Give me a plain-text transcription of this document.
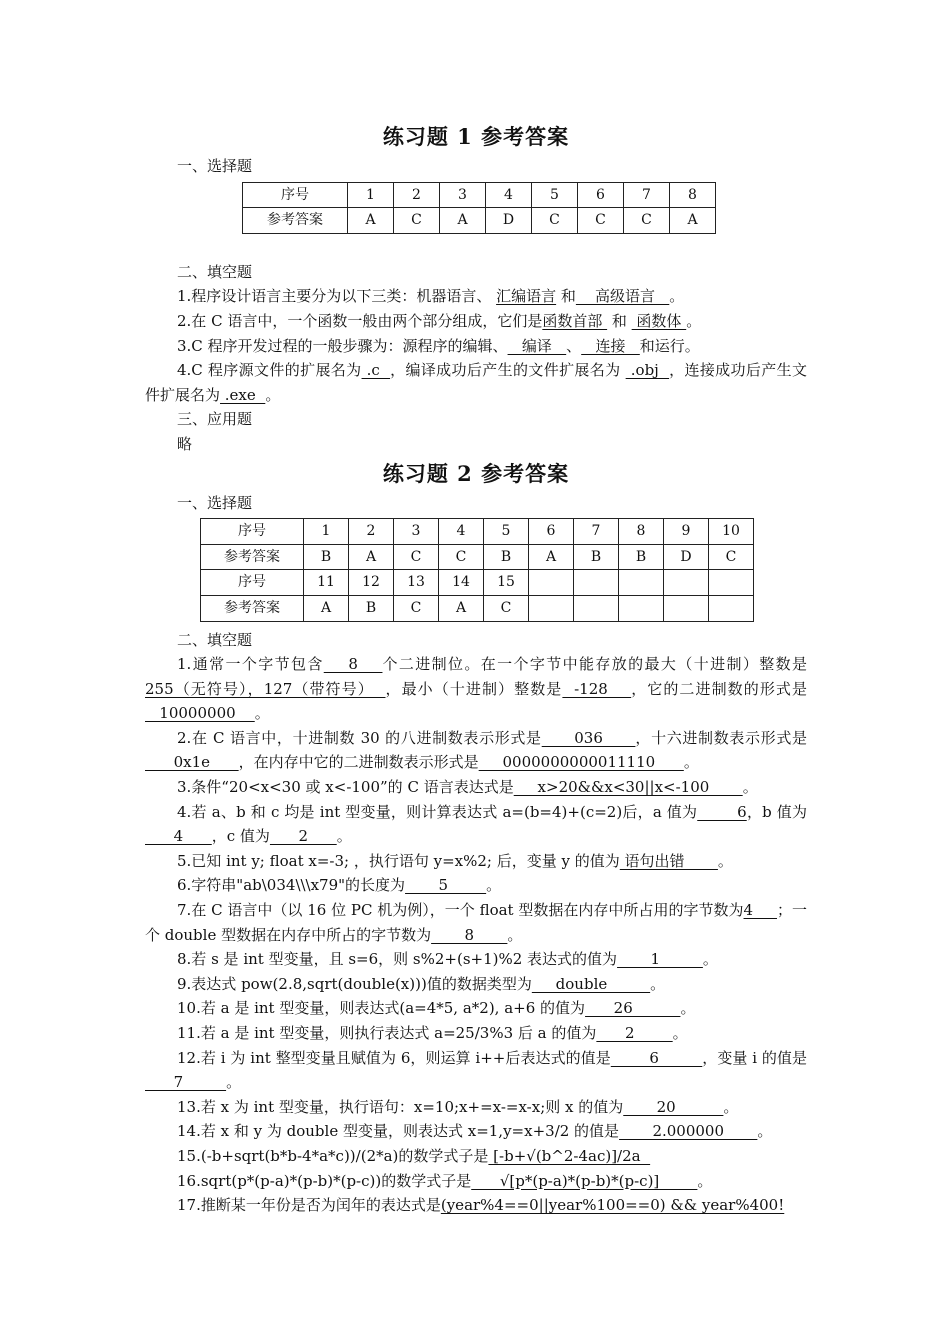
练习题 1 参考答案
一、选择题
序号	1	2	3	4	5	6	7	8
参考答案	A	C	A	D	C	C	C	A
二、填空题
1.程序设计语言主要分为以下三类：机器语言、 汇编语言 和    高级语言   。
2.在 C 语言中，一个函数一般由两个部分组成，它们是函数首部  和  函数体 。
3.C 程序开发过程的一般步骤为：源程序的编辑、   编译   、   连接   和运行。
4.C 程序源文件的扩展名为 .c  ，编译成功后产生的文件扩展名为  .obj  ，连接成功后产生文件扩展名为 .exe  。
三、应用题
略
练习题 2 参考答案
一、选择题
序号	1	2	3	4	5	6	7	8	9	10
参考答案	B	A	C	C	B	A	B	B	D	C
序号	11	12	13	14	15					
参考答案	A	B	C	A	C					
二、填空题
1.通常一个字节包含    8    个二进制位。在一个字节中能存放的最大（十进制）整数是255（无符号），127（带符号）  ，最小（十进制）整数是  -128    ，它的二进制数的形式是   10000000    。
2.在 C 语言中，十进制数 30 的八进制数表示形式是      036      ，十六进制数表示形式是      0x1e      ，在内存中它的二进制数表示形式是     0000000000011110      。
3.条件“20<x<30 或 x<-100”的 C 语言表达式是     x>20&&x<30||x<-100       。
4.若 a、b 和 c 均是 int 型变量，则计算表达式 a=(b=4)+(c=2)后，a 值为        6，b 值为      4      ，c 值为      2      。
5.已知 int y; float x=-3; ，执行语句 y=x%2; 后，变量 y 的值为 语句出错       。
6.字符串"ab\034\\\x79"的长度为       5        。
7.在 C 语言中（以 16 位 PC 机为例），一个 float 型数据在内存中所占用的字节数为4     ；一个 double 型数据在内存中所占的字节数为       8       。
8.若 s 是 int 型变量，且 s=6，则 s%2+(s+1)%2 表达式的值为       1         。
9.表达式 pow(2.8,sqrt(double(x)))值的数据类型为     double         。
10.若 a 是 int 型变量，则表达式(a=4*5, a*2), a+6 的值为      26          。
11.若 a 是 int 型变量，则执行表达式 a=25/3%3 后 a 的值为      2        。
12.若 i 为 int 整型变量且赋值为 6，则运算 i++后表达式的值是        6         ，变量 i 的值是      7         。
13.若 x 为 int 型变量，执行语句：x=10;x+=x-=x-x;则 x 的值为       20          。
14.若 x 和 y 为 double 型变量，则表达式 x=1,y=x+3/2 的值是       2.000000       。
15.(-b+sqrt(b*b-4*a*c))/(2*a)的数学式子是 [-b+√(b^2-4ac)]/2a
16.sqrt(p*(p-a)*(p-b)*(p-c))的数学式子是      √[p*(p-a)*(p-b)*(p-c)]        。
17.推断某一年份是否为闰年的表达式是(year%4==0||year%100==0) && year%400!
